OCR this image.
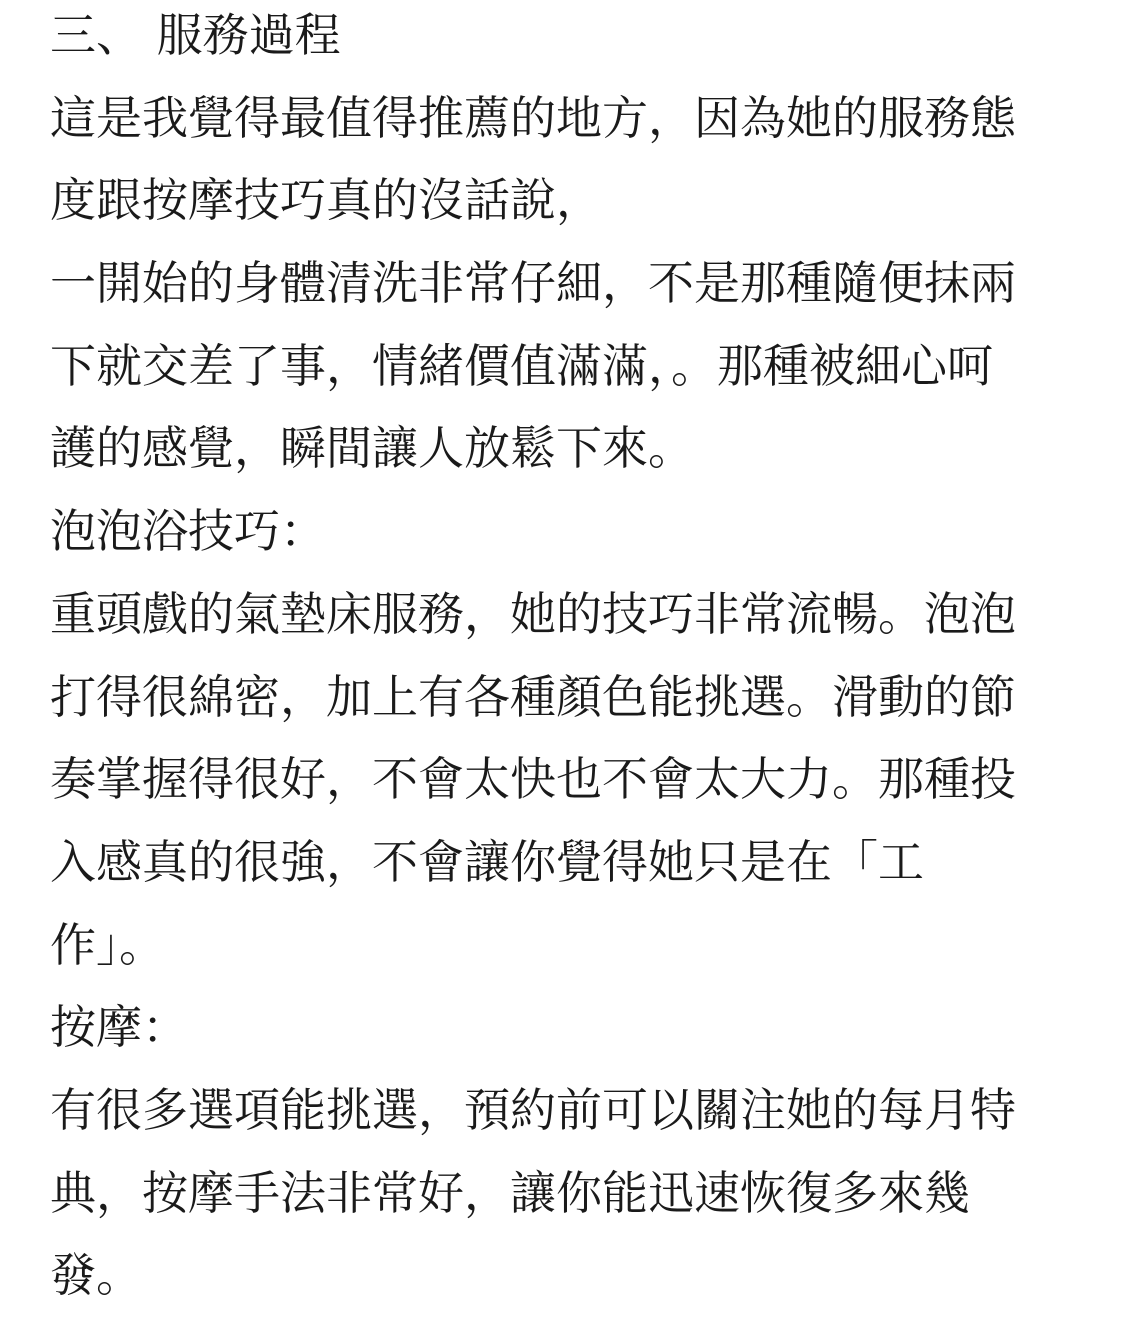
三、 服務過程
這是我覺得最值得推薦的地方，因為她的服務態
度跟按摩技巧真的沒話說，
一開始的身體清洗非常仔細，不是那種隨便抹兩
下就交差了事，情緒價值滿滿，。那種被細心呵
護的感覺，瞬間讓人放鬆下來。
泡泡浴技巧：
重頭戲的氣墊床服務，她的技巧非常流暢。泡泡
打得很綿密，加上有各種顏色能挑選。滑動的節
奏掌握得很好，不會太快也不會太大力。那種投
入感真的很強，不會讓你覺得她只是在「工
作」。
按摩：
有很多選項能挑選，預約前可以關注她的每月特
典，按摩手法非常好，讓你能迅速恢復多來幾
發。
